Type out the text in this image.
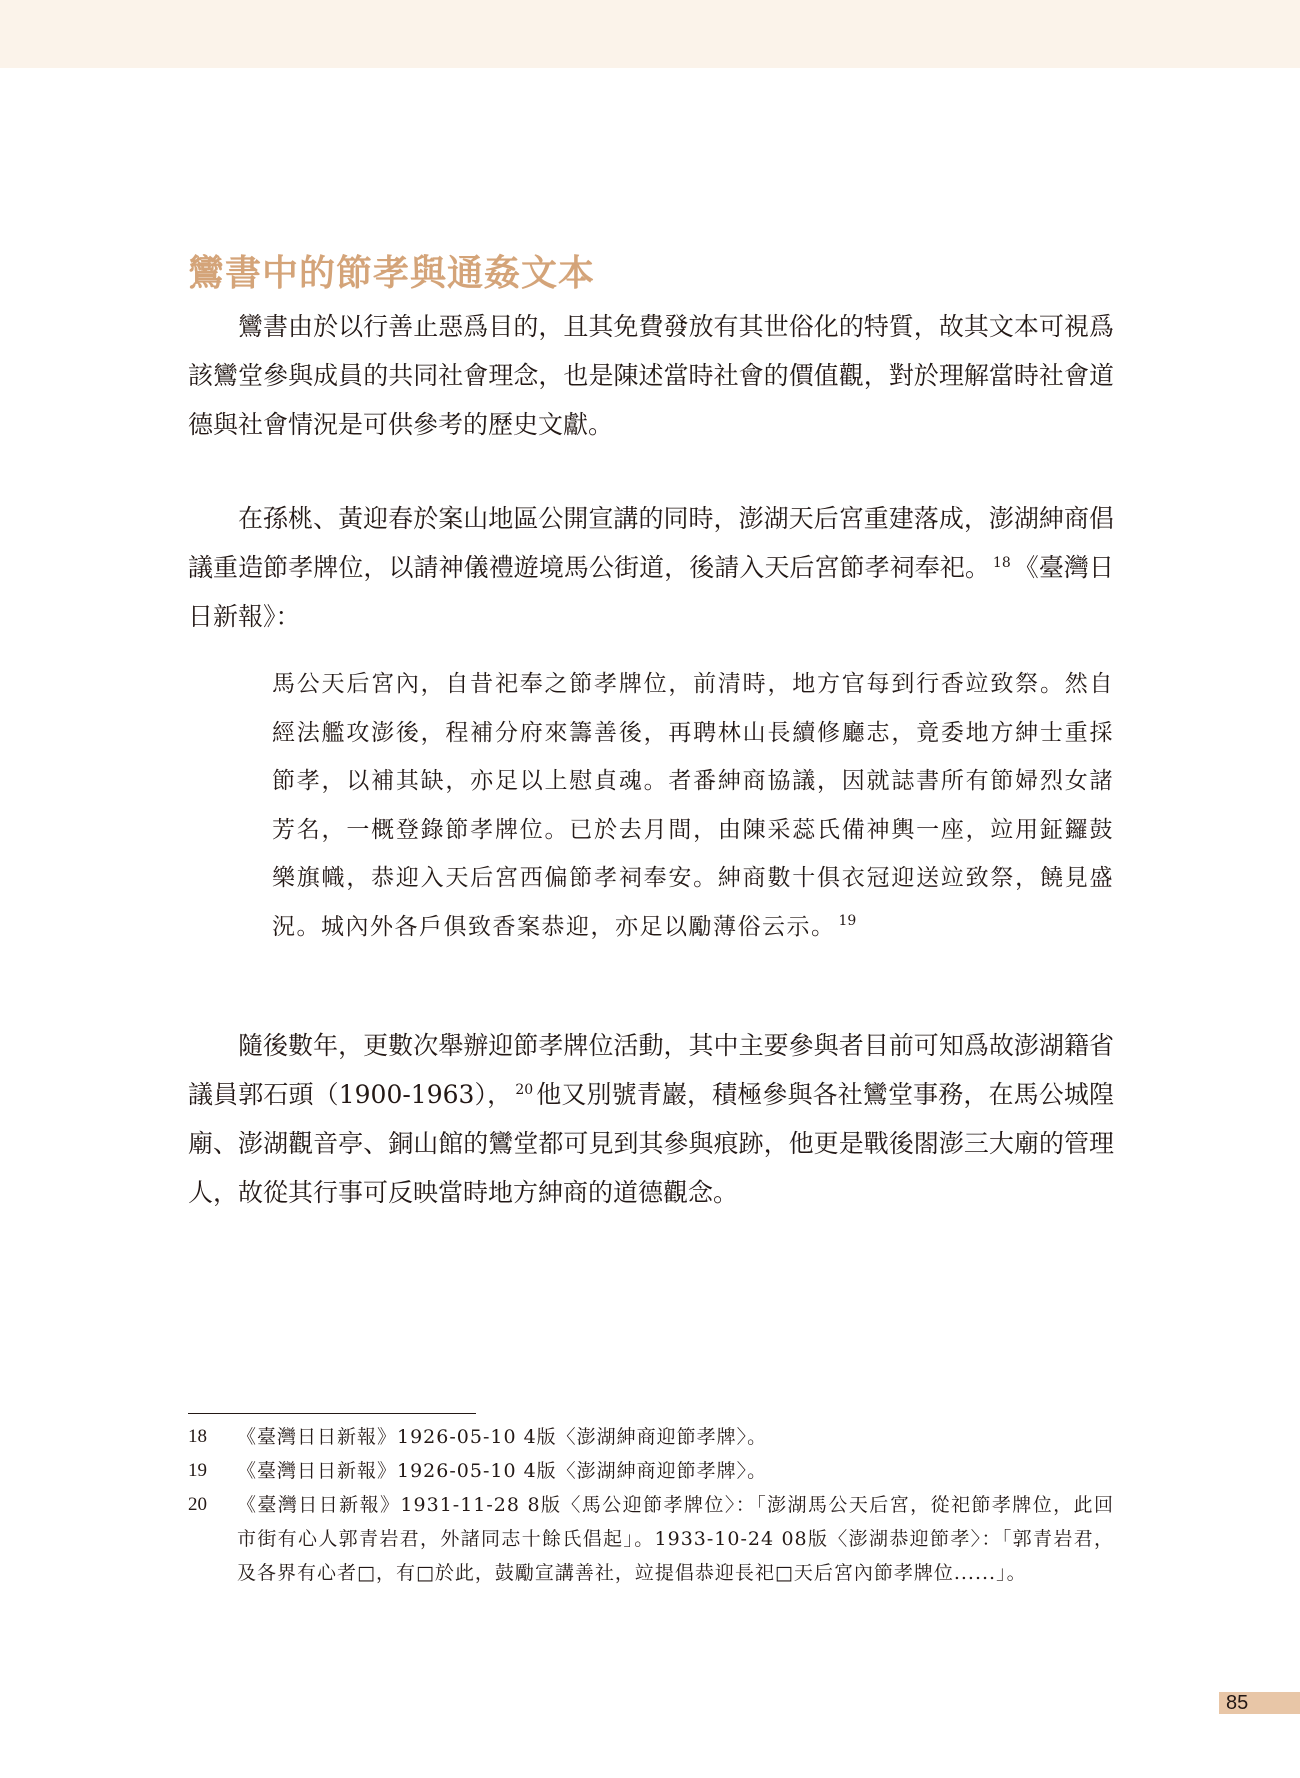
鸞書中的節孝與通姦文本

鸞書由於以行善止惡爲目的，且其免費發放有其世俗化的特質，故其文本可視爲該鸞堂參與成員的共同社會理念，也是陳述當時社會的價值觀，對於理解當時社會道德與社會情況是可供參考的歷史文獻。

在孫桃、黃迎春於案山地區公開宣講的同時，澎湖天后宮重建落成，澎湖紳商倡議重造節孝牌位，以請神儀禮遊境馬公街道，後請入天后宮節孝祠奉祀。 $^{18}$ 《臺灣日日新報》：

馬公天后宮內，自昔祀奉之節孝牌位，前清時，地方官每到行香竝致祭。然自經法艦攻澎後，程補分府來籌善後，再聘林山長續修廳志，竟委地方紳士重採節孝，以補其缺，亦足以上慰貞魂。者番紳商協議，因就誌書所有節婦烈女諸芳名，一概登錄節孝牌位。已於去月間，由陳采蕊氏備神輿一座，竝用鉦鑼鼓樂旗幟，恭迎入天后宮西偏節孝祠奉安。紳商數十俱衣冠迎送竝致祭，饒見盛況。城內外各戶俱致香案恭迎，亦足以勵薄俗云示。 $^{19}$

隨後數年，更數次舉辦迎節孝牌位活動，其中主要參與者目前可知爲故澎湖籍省議員郭石頭（1900-1963）， $^{20}$ 他又別號青巖，積極參與各社鸞堂事務，在馬公城隍廟、澎湖觀音亭、銅山館的鸞堂都可見到其參與痕跡，他更是戰後閤澎三大廟的管理人，故從其行事可反映當時地方紳商的道德觀念。

18 《臺灣日日新報》1926-05-10 4版〈澎湖紳商迎節孝牌〉。
19 《臺灣日日新報》1926-05-10 4版〈澎湖紳商迎節孝牌〉。
20 《臺灣日日新報》1931-11-28 8版〈馬公迎節孝牌位〉：「澎湖馬公天后宮，從祀節孝牌位，此回市街有心人郭青岩君，外諸同志十餘氏倡起」。1933-10-24 08版〈澎湖恭迎節孝〉：「郭青岩君，及各界有心者□，有□於此，鼓勵宣講善社，竝提倡恭迎長祀□天后宮內節孝牌位......」。
85
